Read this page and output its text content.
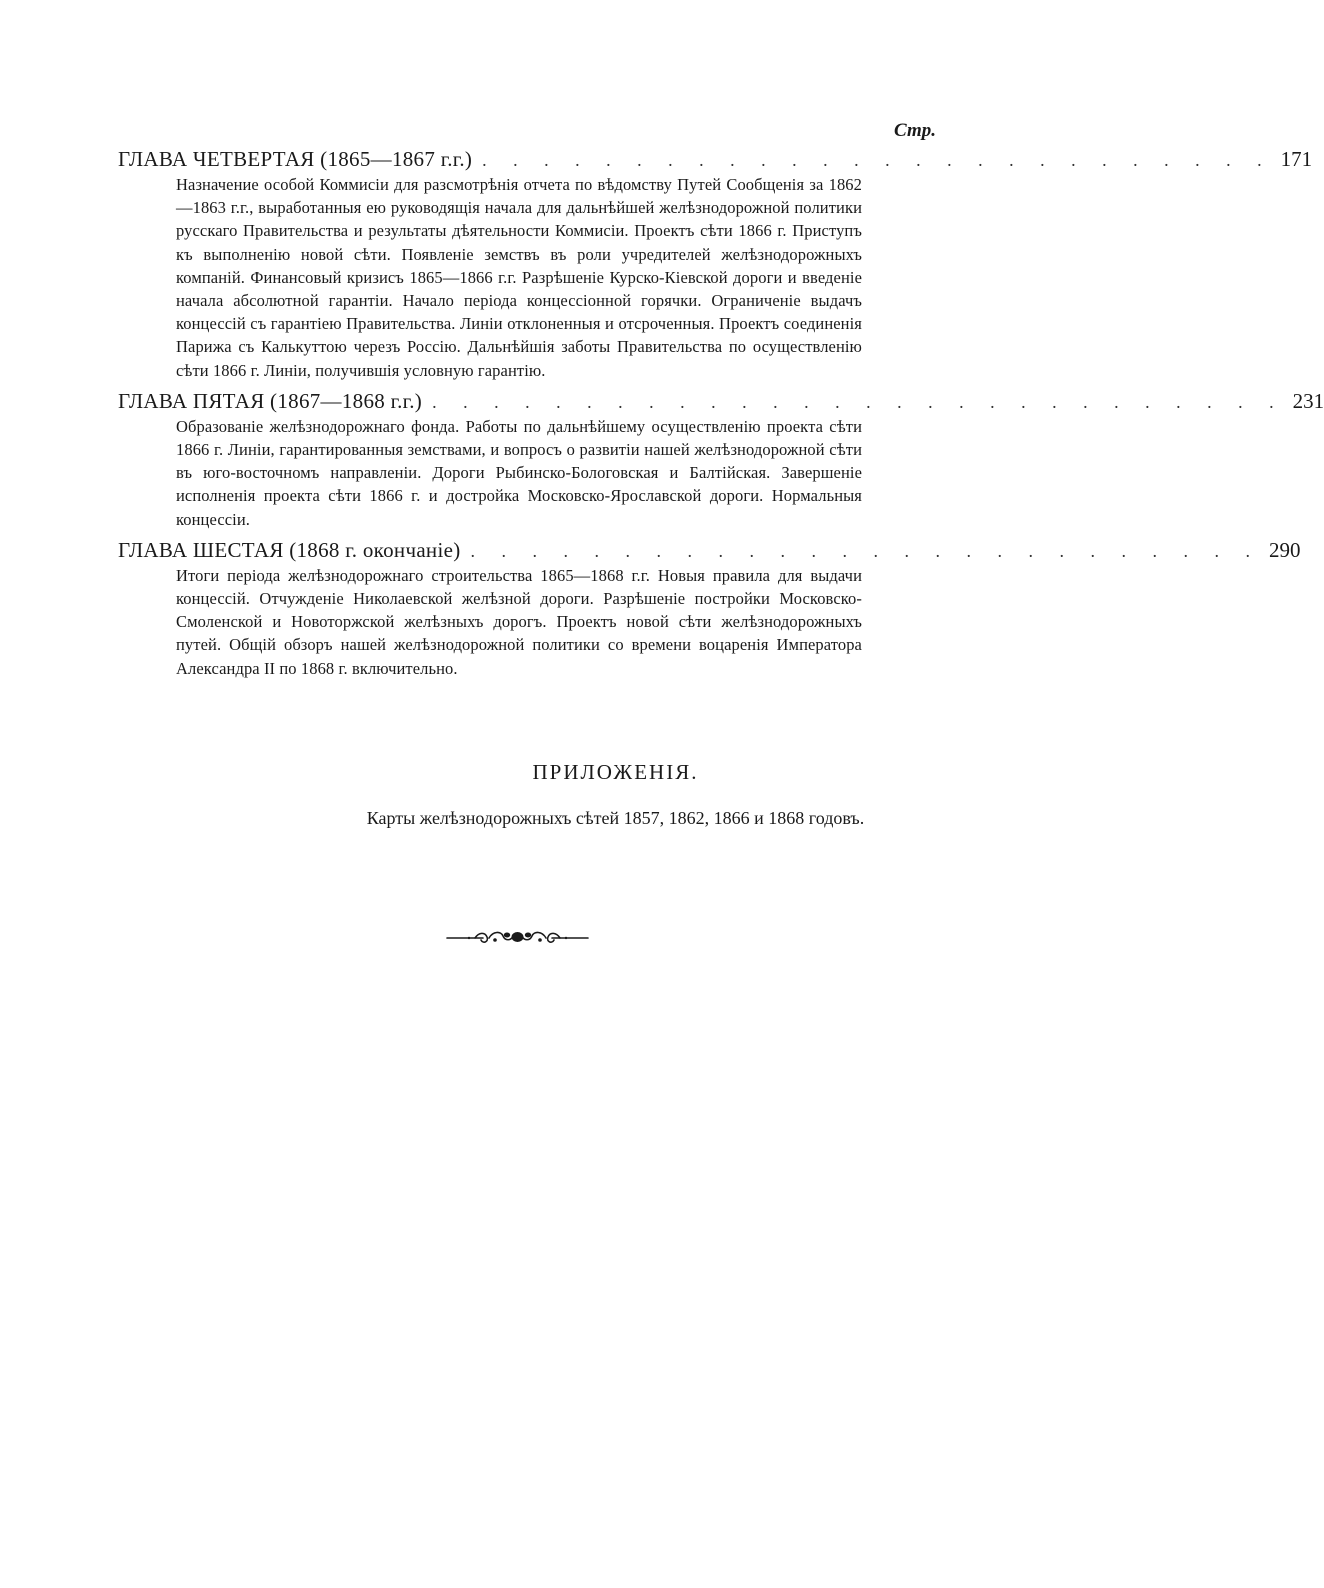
Стр.
ГЛАВА ЧЕТВЕРТАЯ (1865—1867 г.г.) . . . . . . . . . . . . . . . . . . . . . . . . . . 171
Назначение особой Коммисіи для разсмотрѣнія отчета по вѣдомству Путей Сообщенія за 1862—1863 г.г., выработанныя ею руководящія начала для дальнѣйшей желѣзнодорожной политики русскаго Правительства и результаты дѣятельности Коммисіи. Проектъ сѣти 1866 г. Приступъ къ выполненію новой сѣти. Появленіе земствъ въ роли учредителей желѣзнодорожныхъ компаній. Финансовый кризисъ 1865—1866 г.г. Разрѣшеніе Курско-Кіевской дороги и введеніе начала абсолютной гарантіи. Начало періода концессіонной горячки. Ограниченіе выдачъ концессій съ гарантіею Правительства. Линіи отклоненныя и отсроченныя. Проектъ соединенія Парижа съ Калькуттою черезъ Россію. Дальнѣйшія заботы Правительства по осуществленію сѣти 1866 г. Линіи, получившія условную гарантію.
ГЛАВА ПЯТАЯ (1867—1868 г.г.) . . . . . . . . . . . . . . . . . . . . . . . . . . . . 231
Образованіе желѣзнодорожнаго фонда. Работы по дальнѣйшему осуществленію проекта сѣти 1866 г. Линіи, гарантированныя земствами, и вопросъ о развитіи нашей желѣзнодорожной сѣти въ юго-восточномъ направленіи. Дороги Рыбинско-Бологовская и Балтійская. Завершеніе исполненія проекта сѣти 1866 г. и достройка Московско-Ярославской дороги. Нормальныя концессіи.
ГЛАВА ШЕСТАЯ (1868 г. окончаніе) . . . . . . . . . . . . . . . . . . . . . . . . . . 290
Итоги періода желѣзнодорожнаго строительства 1865—1868 г.г. Новыя правила для выдачи концессій. Отчужденіе Николаевской желѣзной дороги. Разрѣшеніе постройки Московско-Смоленской и Новоторжской желѣзныхъ дорогъ. Проектъ новой сѣти желѣзнодорожныхъ путей. Общій обзоръ нашей желѣзнодорожной политики со времени воцаренія Императора Александра II по 1868 г. включительно.
ПРИЛОЖЕНІЯ.
Карты желѣзнодорожныхъ сѣтей 1857, 1862, 1866 и 1868 годовъ.
